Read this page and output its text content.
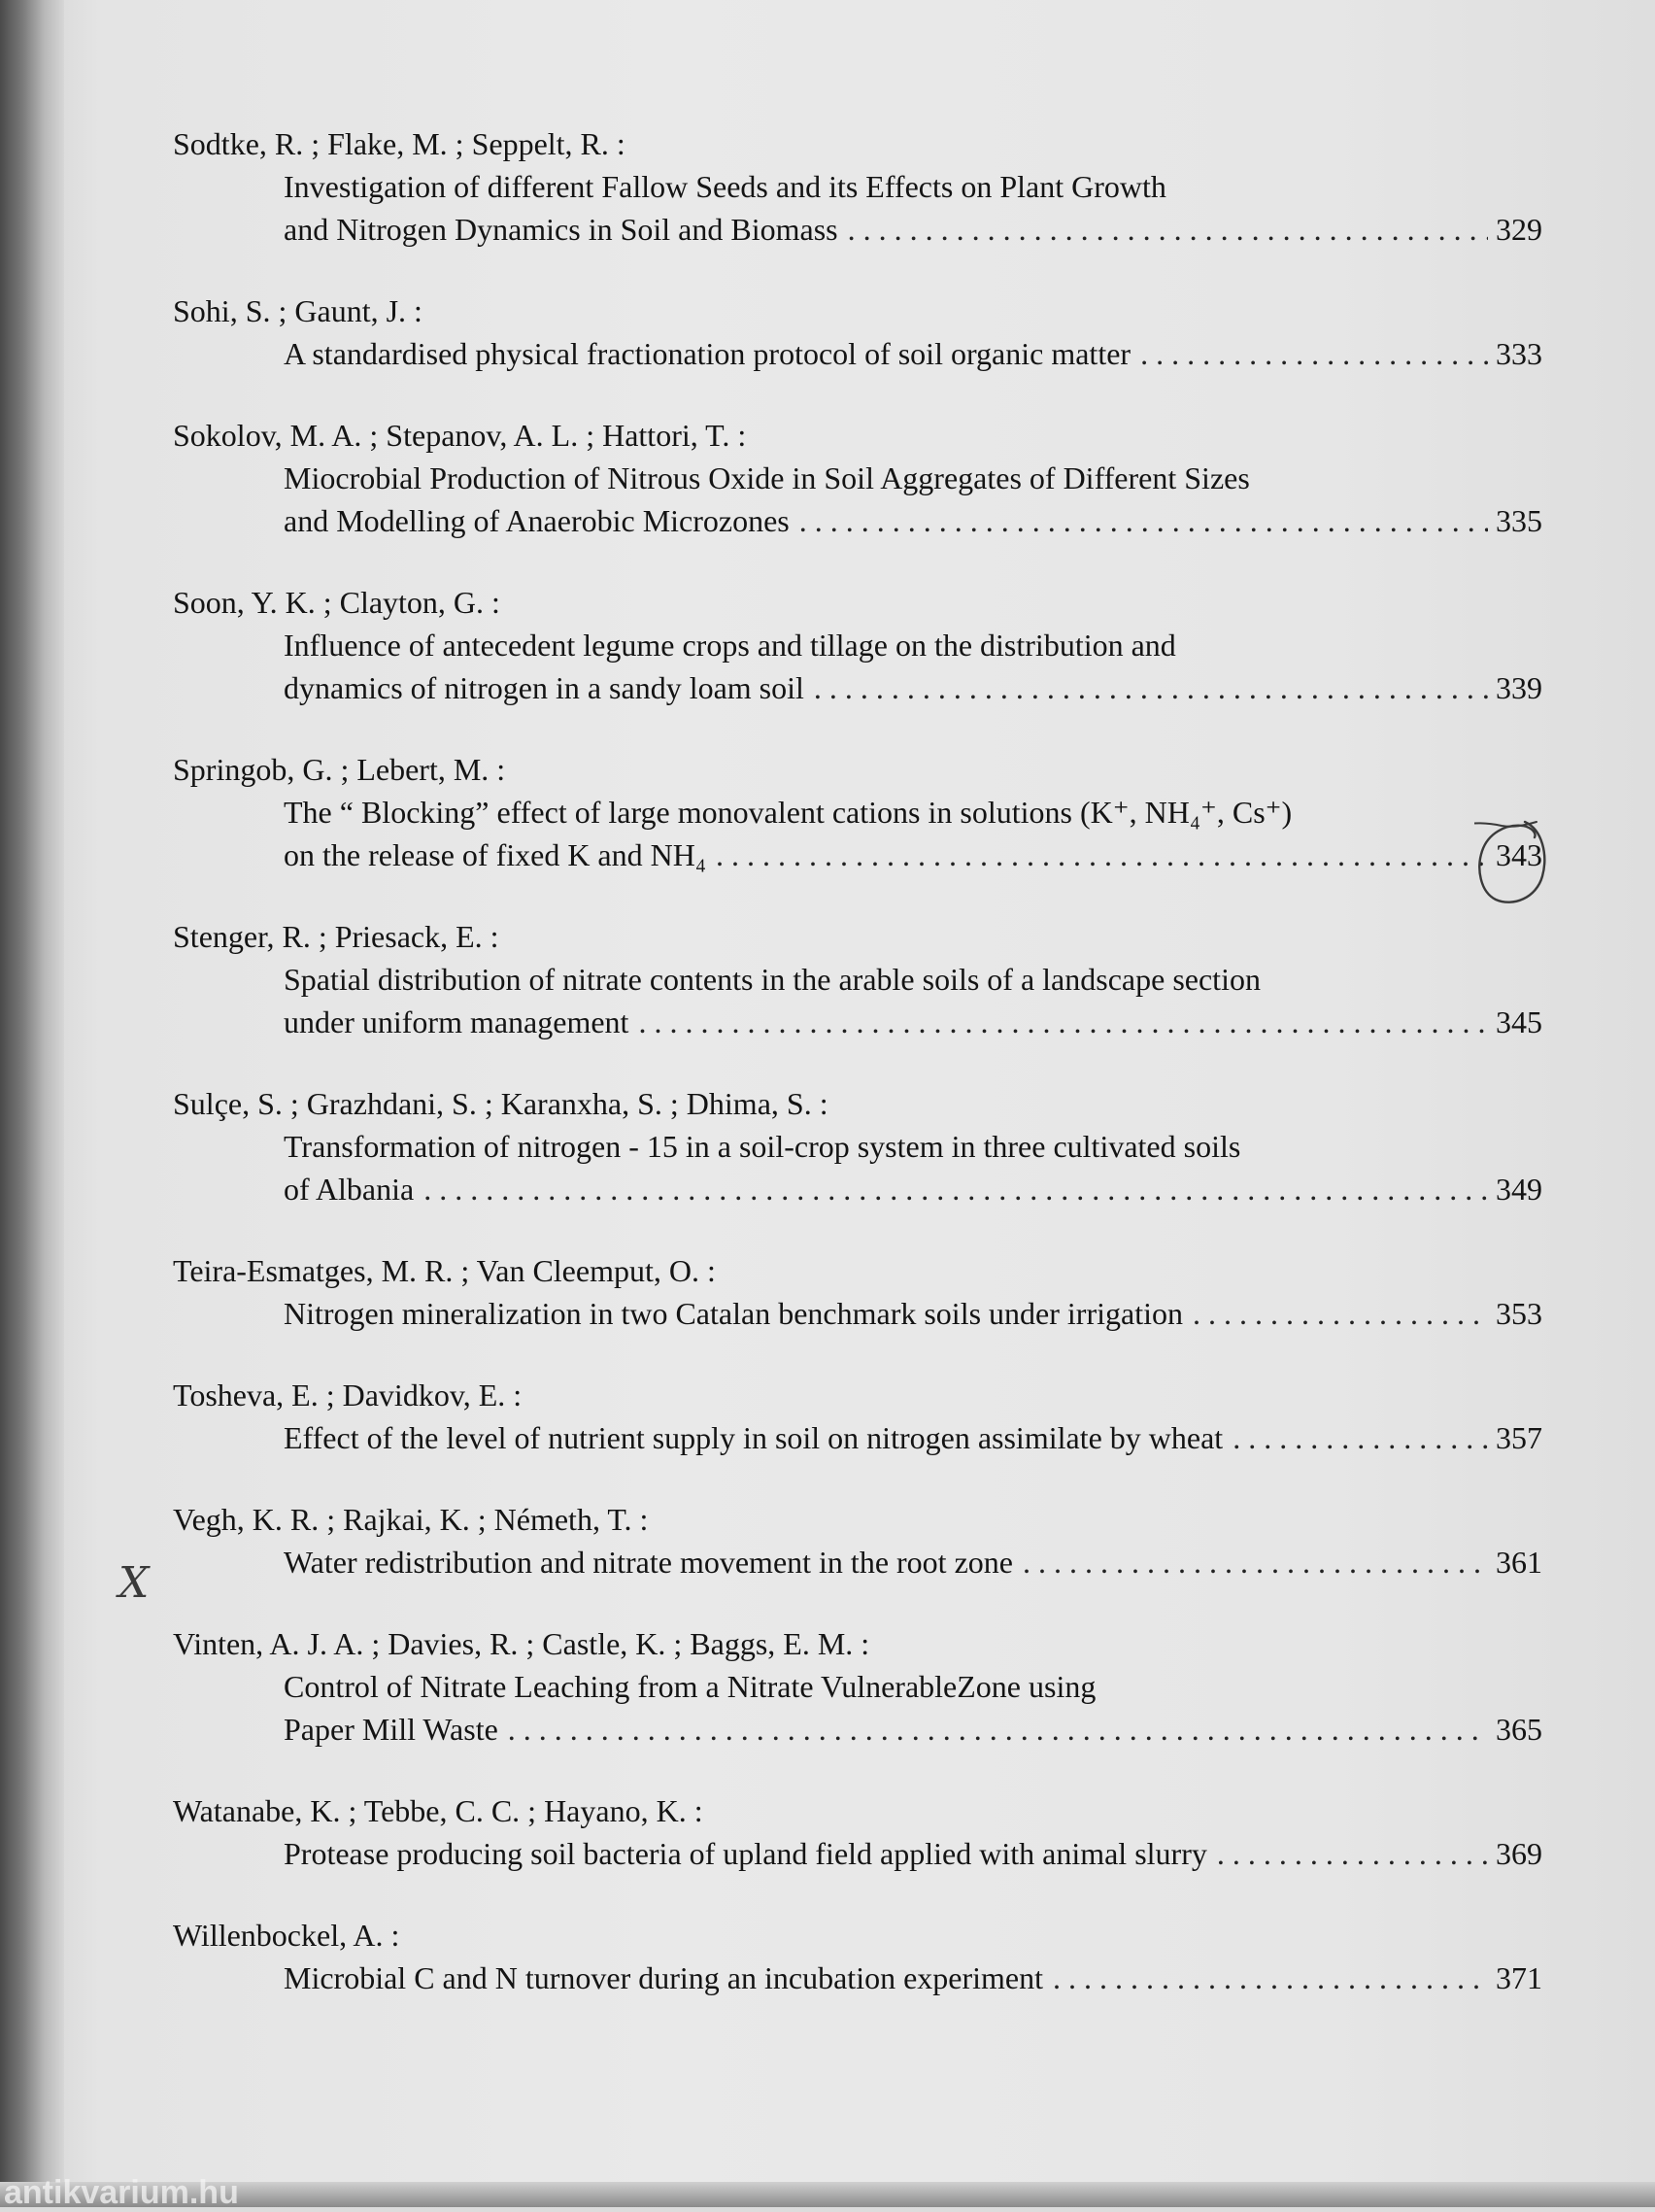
Sodtke, R. ; Flake, M. ; Seppelt, R. :
Investigation of different Fallow Seeds and its Effects on Plant Growth
and Nitrogen Dynamics in Soil and Biomass . . .	329
Sohi, S. ; Gaunt, J. :
A standardised physical fractionation protocol of soil organic matter . . .	333
Sokolov, M. A. ; Stepanov, A. L. ; Hattori, T. :
Miocrobial Production of Nitrous Oxide in Soil Aggregates of Different Sizes
and Modelling of Anaerobic Microzones . . .	335
Soon, Y. K. ; Clayton, G. :
Influence of antecedent legume crops and tillage on the distribution and
dynamics of nitrogen in a sandy loam soil . . .	339
Springob, G. ; Lebert, M. :
The “ Blocking” effect of large monovalent cations in solutions (K⁺, NH₄⁺, Cs⁺)
on the release of fixed K and NH₄ . . .	343
Stenger, R. ; Priesack, E. :
Spatial distribution of nitrate contents in the arable soils of a landscape section
under uniform management . . .	345
Sulçe, S. ; Grazhdani, S. ; Karanxha, S. ; Dhima, S. :
Transformation of nitrogen - 15 in a soil-crop system in three cultivated soils
of Albania . . .	349
Teira-Esmatges, M. R. ; Van Cleemput, O. :
Nitrogen mineralization in two Catalan benchmark soils under irrigation . . .	353
Tosheva, E. ; Davidkov, E. :
Effect of the level of nutrient supply in soil on nitrogen assimilate by wheat . . .	357
Vegh, K. R. ; Rajkai, K. ; Németh, T. :
Water redistribution and nitrate movement in the root zone . . .	361
Vinten, A. J. A. ; Davies, R. ; Castle, K. ; Baggs, E. M. :
Control of Nitrate Leaching from a Nitrate VulnerableZone using
Paper Mill Waste . . .	365
Watanabe, K. ; Tebbe, C. C. ; Hayano, K. :
Protease producing soil bacteria of upland field applied with animal slurry . . .	369
Willenbockel, A. :
Microbial C and N turnover during an incubation experiment . . .	371
X
antikvarium.hu
